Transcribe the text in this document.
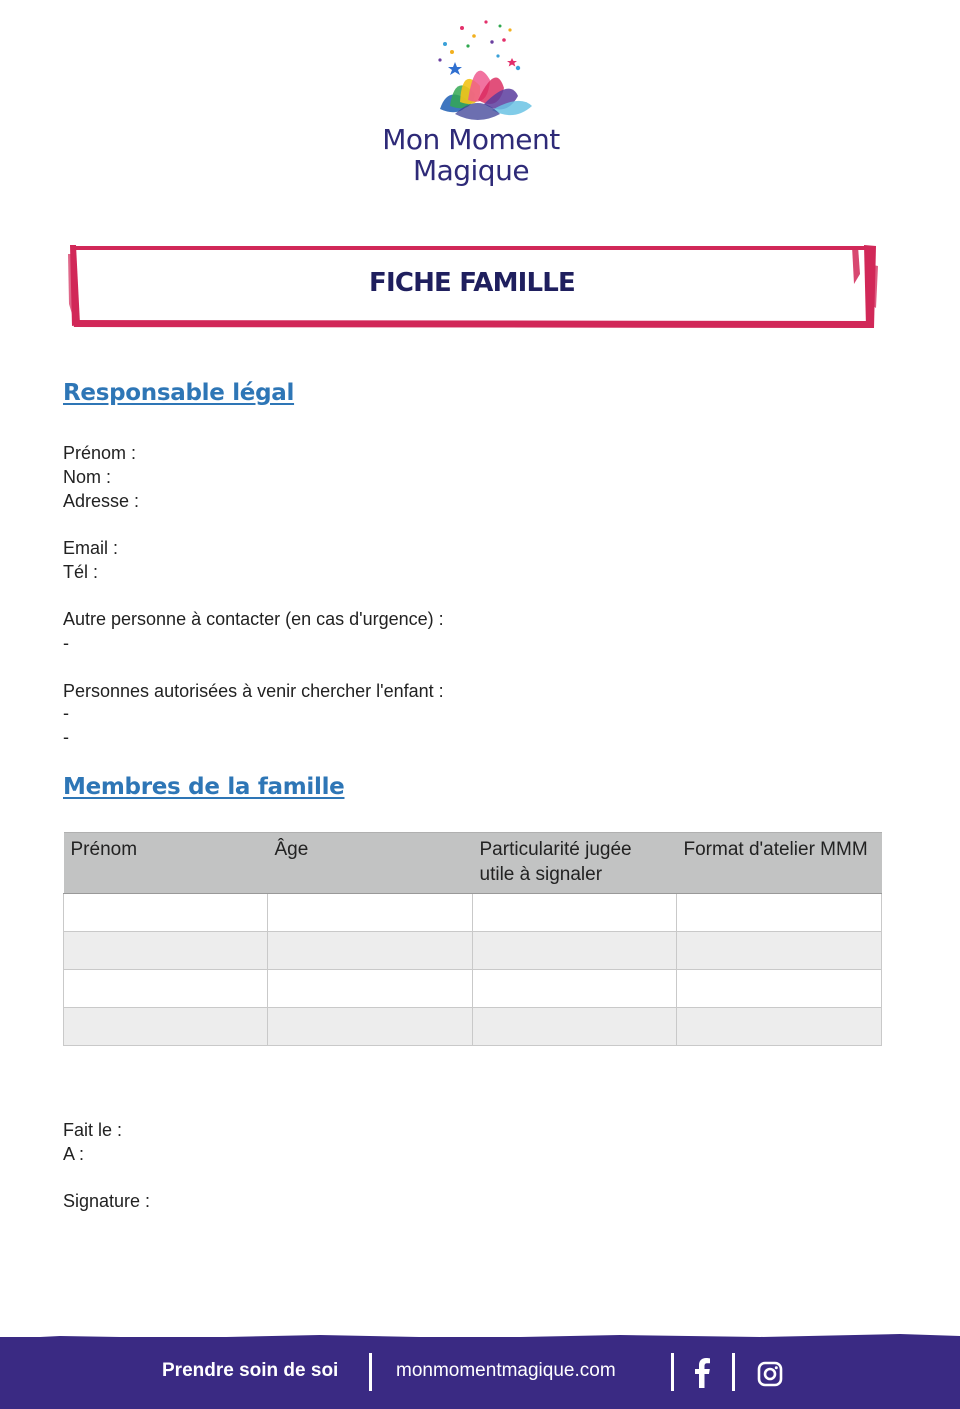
Mon Moment
Magique
FICHE FAMILLE
Responsable légal
Prénom :
Nom :
Adresse :
Email :
Tél :
Autre personne à contacter (en cas d'urgence) :
-
Personnes autorisées à venir chercher l'enfant :
-
-
Membres de la famille
Prénom	Âge	Particularité jugée utile à signaler	Format d'atelier MMM

Fait le :
A :
Signature :
Prendre soin de soi	monmomentmagique.com
